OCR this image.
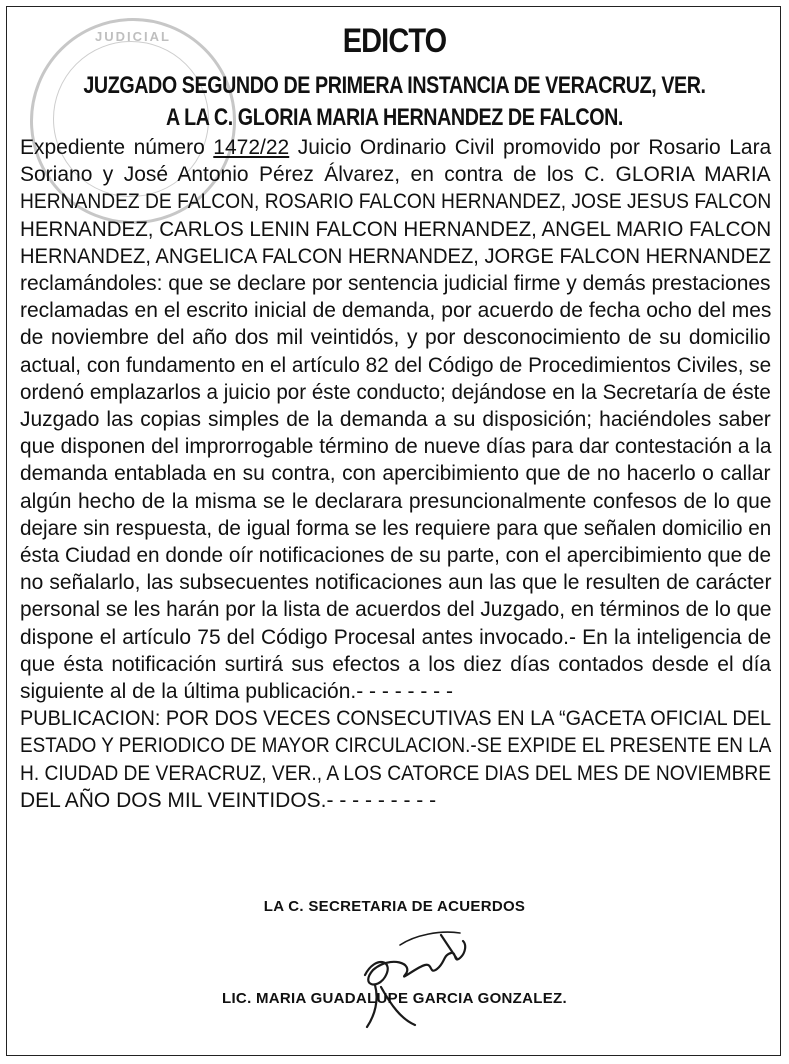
JUDICIAL	EDICTO
JUZGADO SEGUNDO DE PRIMERA INSTANCIA DE VERACRUZ, VER.
A LA C. GLORIA MARIA HERNANDEZ DE FALCON.

Expediente número 1472/22 Juicio Ordinario Civil promovido por Rosario Lara
Soriano y José Antonio Pérez Álvarez, en contra de los C. GLORIA MARIA
HERNANDEZ DE FALCON, ROSARIO FALCON HERNANDEZ, JOSE JESUS FALCON
HERNANDEZ, CARLOS LENIN FALCON HERNANDEZ, ANGEL MARIO FALCON
HERNANDEZ, ANGELICA FALCON HERNANDEZ, JORGE FALCON HERNANDEZ
reclamándoles: que se declare por sentencia judicial firme y demás prestaciones
reclamadas en el escrito inicial de demanda, por acuerdo de fecha ocho del mes
de noviembre del año dos mil veintidós, y por desconocimiento de su domicilio
actual, con fundamento en el artículo 82 del Código de Procedimientos Civiles, se
ordenó emplazarlos a juicio por éste conducto; dejándose en la Secretaría de éste
Juzgado las copias simples de la demanda a su disposición; haciéndoles saber
que disponen del improrrogable término de nueve días para dar contestación a la
demanda entablada en su contra, con apercibimiento que de no hacerlo o callar
algún hecho de la misma se le declarara presuncionalmente confesos de lo que
dejare sin respuesta, de igual forma se les requiere para que señalen domicilio en
ésta Ciudad en donde oír notificaciones de su parte, con el apercibimiento que de
no señalarlo, las subsecuentes notificaciones aun las que le resulten de carácter
personal se les harán por la lista de acuerdos del Juzgado, en términos de lo que
dispone el artículo 75 del Código Procesal antes invocado.- En la inteligencia de
que ésta notificación surtirá sus efectos a los diez días contados desde el día
siguiente al de la última publicación.- - - - - - - -

PUBLICACION: POR DOS VECES CONSECUTIVAS EN LA “GACETA OFICIAL DEL
ESTADO Y PERIODICO DE MAYOR CIRCULACION.-SE EXPIDE EL PRESENTE EN LA
H. CIUDAD DE VERACRUZ, VER., A LOS CATORCE DIAS DEL MES DE NOVIEMBRE
DEL AÑO DOS MIL VEINTIDOS.- - - - - - - - -

LA C. SECRETARIA DE ACUERDOS
LIC. MARIA GUADALUPE GARCIA GONZALEZ.
